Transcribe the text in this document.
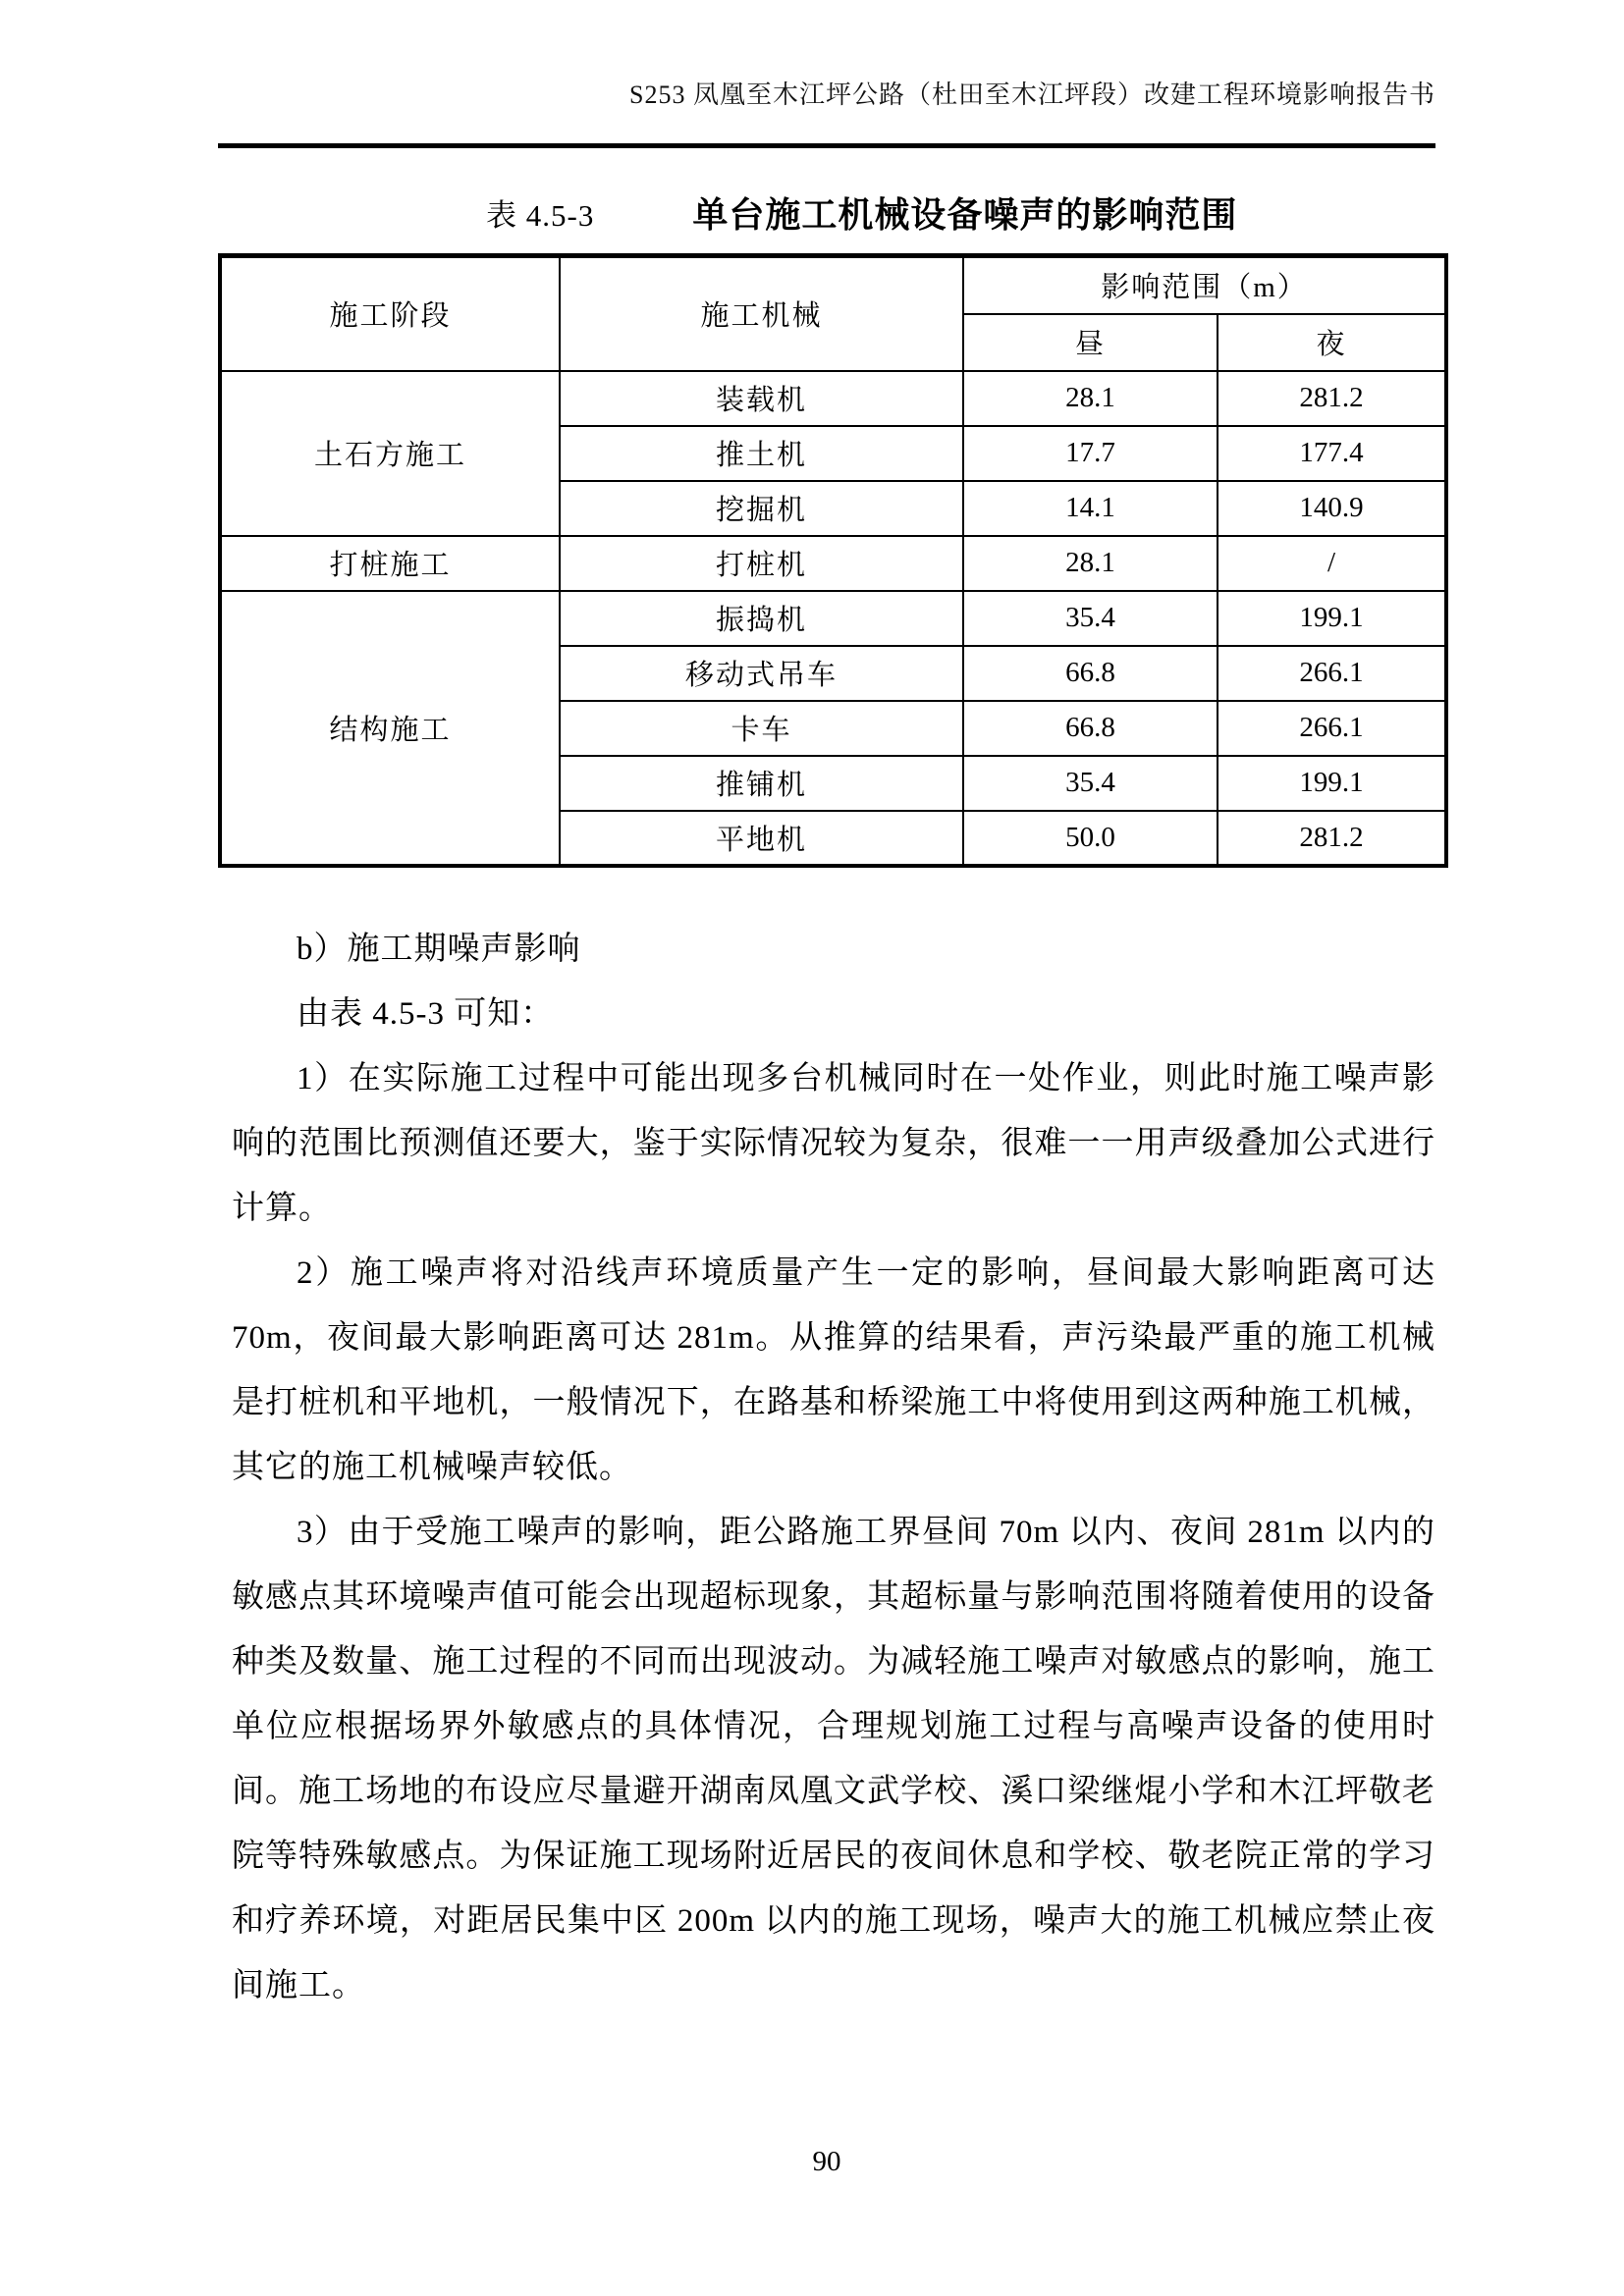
S253 凤凰至木江坪公路（杜田至木江坪段）改建工程环境影响报告书
表 4.5-3	单台施工机械设备噪声的影响范围
施工阶段	施工机械	影响范围（m）	
		昼	夜
土石方施工	装载机	28.1	281.2
	推土机	17.7	177.4
	挖掘机	14.1	140.9
打桩施工	打桩机	28.1	/
结构施工	振捣机	35.4	199.1
	移动式吊车	66.8	266.1
	卡车	66.8	266.1
	推铺机	35.4	199.1
	平地机	50.0	281.2

b）施工期噪声影响

由表 4.5-3 可知：

1）在实际施工过程中可能出现多台机械同时在一处作业，则此时施工噪声影响的范围比预测值还要大，鉴于实际情况较为复杂，很难一一用声级叠加公式进行计算。

2）施工噪声将对沿线声环境质量产生一定的影响，昼间最大影响距离可达 70m，夜间最大影响距离可达 281m。从推算的结果看，声污染最严重的施工机械是打桩机和平地机，一般情况下，在路基和桥梁施工中将使用到这两种施工机械，其它的施工机械噪声较低。

3）由于受施工噪声的影响，距公路施工界昼间 70m 以内、夜间 281m 以内的敏感点其环境噪声值可能会出现超标现象，其超标量与影响范围将随着使用的设备种类及数量、施工过程的不同而出现波动。为减轻施工噪声对敏感点的影响，施工单位应根据场界外敏感点的具体情况，合理规划施工过程与高噪声设备的使用时间。施工场地的布设应尽量避开湖南凤凰文武学校、溪口梁继焜小学和木江坪敬老院等特殊敏感点。为保证施工现场附近居民的夜间休息和学校、敬老院正常的学习和疗养环境，对距居民集中区 200m 以内的施工现场，噪声大的施工机械应禁止夜间施工。

90
